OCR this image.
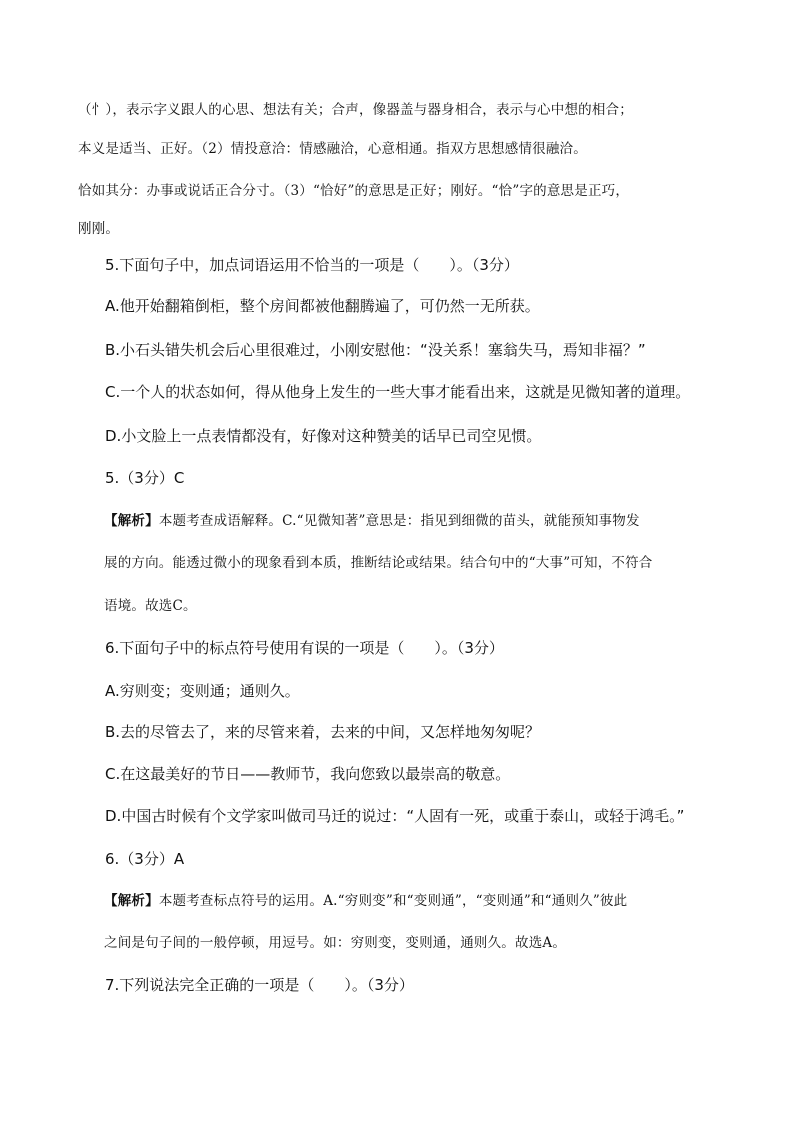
（忄），表示字义跟人的心思、想法有关；合声，像器盖与器身相合，表示与心中想的相合；
本义是适当、正好。（2）情投意洽：情感融洽，心意相通。指双方思想感情很融洽。
恰如其分：办事或说话正合分寸。（3）“恰好”的意思是正好；刚好。“恰”字的意思是正巧，
刚刚。
5.下面句子中，加点词语运用不恰当的一项是（　　）。（3分）
A.他开始翻箱倒柜，整个房间都被他翻腾遍了，可仍然一无所获。
B.小石头错失机会后心里很难过，小刚安慰他：“没关系！塞翁失马，焉知非福？”
C.一个人的状态如何，得从他身上发生的一些大事才能看出来，这就是见微知著的道理。
D.小文脸上一点表情都没有，好像对这种赞美的话早已司空见惯。
5.（3分）C
【解析】本题考查成语解释。C.“见微知著”意思是：指见到细微的苗头，就能预知事物发
展的方向。能透过微小的现象看到本质，推断结论或结果。结合句中的“大事”可知，不符合
语境。故选C。
6.下面句子中的标点符号使用有误的一项是（　　）。（3分）
A.穷则变；变则通；通则久。
B.去的尽管去了，来的尽管来着，去来的中间，又怎样地匆匆呢？
C.在这最美好的节日——教师节，我向您致以最崇高的敬意。
D.中国古时候有个文学家叫做司马迁的说过：“人固有一死，或重于泰山，或轻于鸿毛。”
6.（3分）A
【解析】本题考查标点符号的运用。A.“穷则变”和“变则通”，“变则通”和“通则久”彼此
之间是句子间的一般停顿，用逗号。如：穷则变，变则通，通则久。故选A。
7.下列说法完全正确的一项是（　　）。（3分）
